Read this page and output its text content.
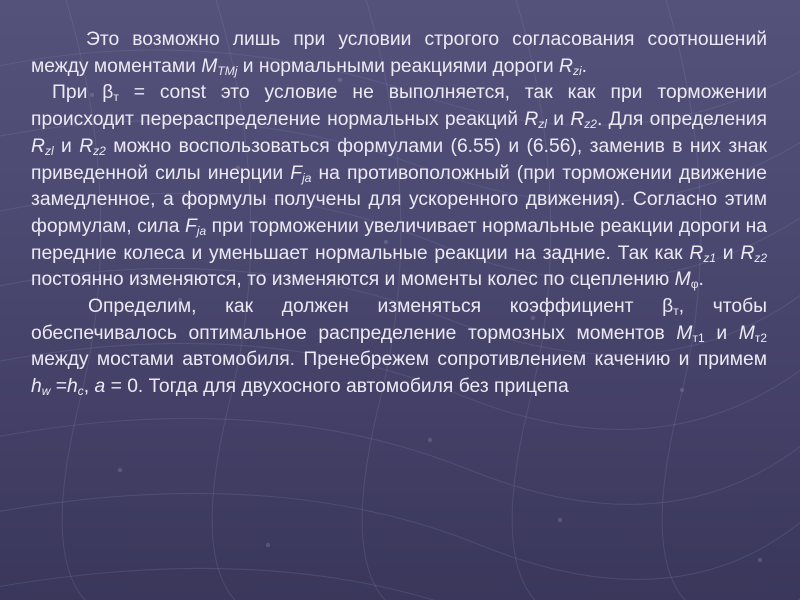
Это возможно лишь при условии строгого согласования соотношений между моментами $М_{ТМj}$ и нормальными реакциями дороги $R_{zi}$.

При $\beta_т$ = const это условие не выполняется, так как при торможении происходит перераспределение нормальных реакций $R_{zl}$ и $R_{z2}$. Для определения $R_{zl}$ и $R_{z2}$ можно воспользоваться формулами (6.55) и (6.56), заменив в них знак приведенной силы инерции $F_{ja}$ на противоположный (при торможении движение замедленное, а формулы получены для ускоренного движения). Согласно этим формулам, сила $F_{ja}$ при торможении увеличивает нормальные реакции дороги на передние колеса и уменьшает нормальные реакции на задние. Так как $R_{z1}$ и $R_{z2}$ постоянно изменяются, то изменяются и моменты колес по сцеплению $М_\varphi$.

Определим, как должен изменяться коэффициент $\beta_т$, чтобы обеспечивалось оптимальное распределение тормозных моментов $М_{т1}$ и $М_{т2}$ между мостами автомобиля. Пренебрежем сопротивлением качению и примем $h_w =h_c$, a = 0. Тогда для двухосного автомобиля без прицепа
